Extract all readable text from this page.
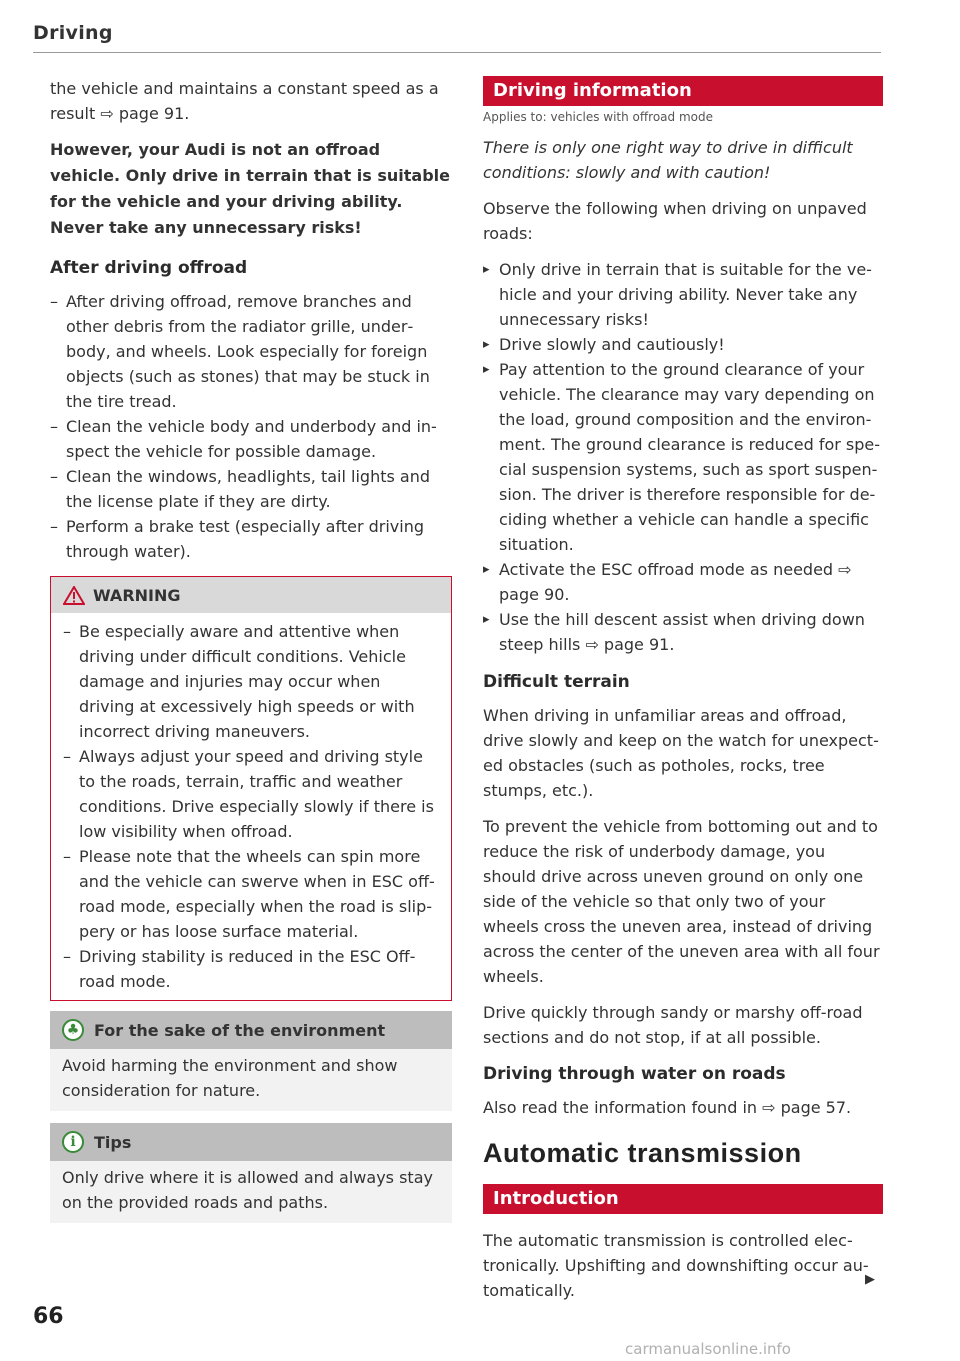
Driving

the vehicle and maintains a constant speed as a result ⇨ page 91.

However, your Audi is not an offroad vehicle. Only drive in terrain that is suitable for the vehicle and your driving ability. Never take any unnecessary risks!

After driving offroad
– After driving offroad, remove branches and other debris from the radiator grille, underbody, and wheels. Look especially for foreign objects (such as stones) that may be stuck in the tire tread.
– Clean the vehicle body and underbody and inspect the vehicle for possible damage.
– Clean the windows, headlights, tail lights and the license plate if they are dirty.
– Perform a brake test (especially after driving through water).
WARNING
– Be especially aware and attentive when driving under difficult conditions. Vehicle damage and injuries may occur when driving at excessively high speeds or with incorrect driving maneuvers.
– Always adjust your speed and driving style to the roads, terrain, traffic and weather conditions. Drive especially slowly if there is low visibility when offroad.
– Please note that the wheels can spin more and the vehicle can swerve when in ESC offroad mode, especially when the road is slippery or has loose surface material.
– Driving stability is reduced in the ESC Offroad mode.
♣ For the sake of the environment
Avoid harming the environment and show consideration for nature.
i	Tips
Only drive where it is allowed and always stay on the provided roads and paths.
Driving information
Applies to: vehicles with offroad mode

There is only one right way to drive in difficult conditions: slowly and with caution!

Observe the following when driving on unpaved roads:

▸ Only drive in terrain that is suitable for the vehicle and your driving ability. Never take any unnecessary risks!
▸ Drive slowly and cautiously!
▸ Pay attention to the ground clearance of your vehicle. The clearance may vary depending on the load, ground composition and the environment. The ground clearance is reduced for special suspension systems, such as sport suspension. The driver is therefore responsible for deciding whether a vehicle can handle a specific situation.
▸ Activate the ESC offroad mode as needed ⇨ page 90.
▸ Use the hill descent assist when driving down steep hills ⇨ page 91.
Difficult terrain

When driving in unfamiliar areas and offroad, drive slowly and keep on the watch for unexpected obstacles (such as potholes, rocks, tree stumps, etc.).

To prevent the vehicle from bottoming out and to reduce the risk of underbody damage, you should drive across uneven ground on only one side of the vehicle so that only two of your wheels cross the uneven area, instead of driving across the center of the uneven area with all four wheels.

Drive quickly through sandy or marshy off-road sections and do not stop, if at all possible.

Driving through water on roads

Also read the information found in ⇨ page 57.

Automatic transmission
Introduction

The automatic transmission is controlled electronically. Upshifting and downshifting occur automatically.

▶
66
carmanualsonline.info
